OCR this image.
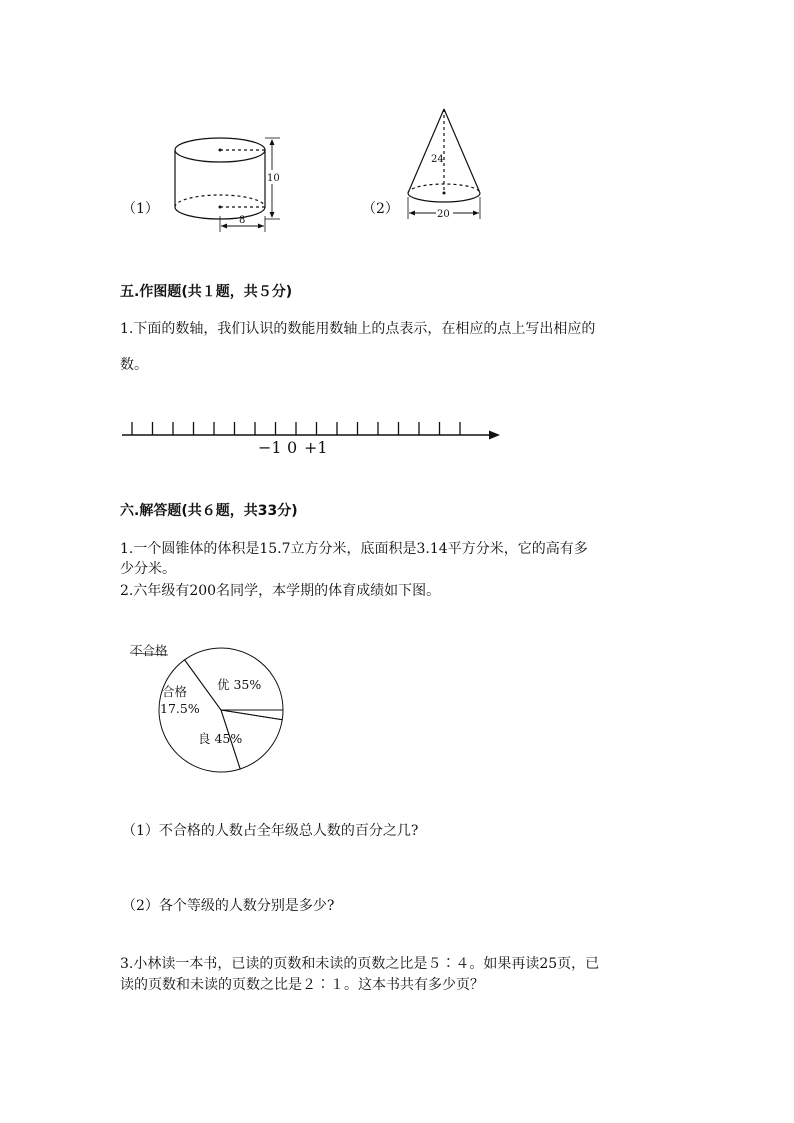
（1）
10
8
（2）
24
20
五.作图题(共１题，共５分)
1.下面的数轴，我们认识的数能用数轴上的点表示，在相应的点上写出相应的
数。
−1 0 +1
六.解答题(共６题，共33分)
1.一个圆锥体的体积是15.7立方分米，底面积是3.14平方分米，它的高有多
少分米。
2.六年级有200名同学，本学期的体育成绩如下图。
不合格
优 35%
合格
17.5%
良 45%
（1）不合格的人数占全年级总人数的百分之几?
（2）各个等级的人数分别是多少?
3.小林读一本书，已读的页数和未读的页数之比是５∶４。如果再读25页，已
读的页数和未读的页数之比是２∶１。这本书共有多少页？
